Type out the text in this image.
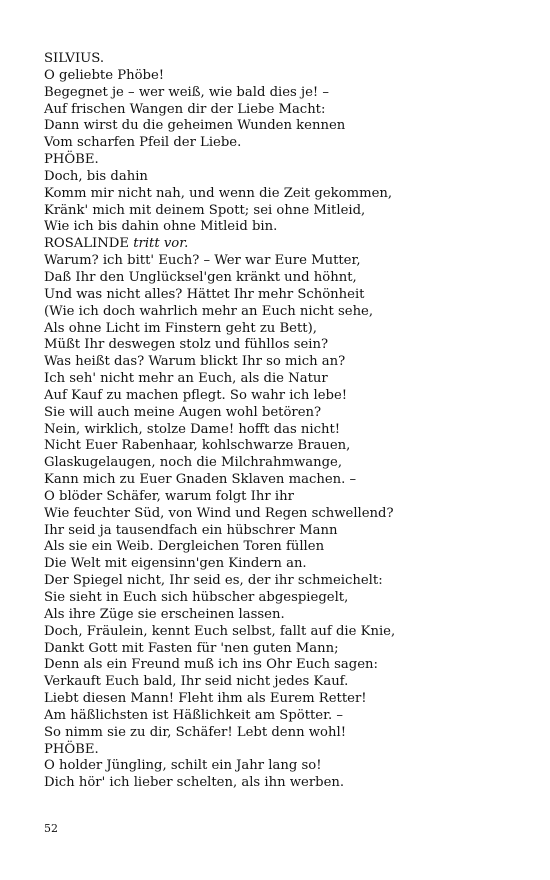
SILVIUS.
O geliebte Phöbe!
Begegnet je – wer weiß, wie bald dies je! –
Auf frischen Wangen dir der Liebe Macht:
Dann wirst du die geheimen Wunden kennen
Vom scharfen Pfeil der Liebe.
PHÖBE.
Doch, bis dahin
Komm mir nicht nah, und wenn die Zeit gekommen,
Kränk' mich mit deinem Spott; sei ohne Mitleid,
Wie ich bis dahin ohne Mitleid bin.
ROSALINDE tritt vor.
Warum? ich bitt' Euch? – Wer war Eure Mutter,
Daß Ihr den Unglücksel'gen kränkt und höhnt,
Und was nicht alles? Hättet Ihr mehr Schönheit
(Wie ich doch wahrlich mehr an Euch nicht sehe,
Als ohne Licht im Finstern geht zu Bett),
Müßt Ihr deswegen stolz und fühllos sein?
Was heißt das? Warum blickt Ihr so mich an?
Ich seh' nicht mehr an Euch, als die Natur
Auf Kauf zu machen pflegt. So wahr ich lebe!
Sie will auch meine Augen wohl betören?
Nein, wirklich, stolze Dame! hofft das nicht!
Nicht Euer Rabenhaar, kohlschwarze Brauen,
Glaskugelaugen, noch die Milchrahmwange,
Kann mich zu Euer Gnaden Sklaven machen. –
O blöder Schäfer, warum folgt Ihr ihr
Wie feuchter Süd, von Wind und Regen schwellend?
Ihr seid ja tausendfach ein hübschrer Mann
Als sie ein Weib. Dergleichen Toren füllen
Die Welt mit eigensinn'gen Kindern an.
Der Spiegel nicht, Ihr seid es, der ihr schmeichelt:
Sie sieht in Euch sich hübscher abgespiegelt,
Als ihre Züge sie erscheinen lassen.
Doch, Fräulein, kennt Euch selbst, fallt auf die Knie,
Dankt Gott mit Fasten für 'nen guten Mann;
Denn als ein Freund muß ich ins Ohr Euch sagen:
Verkauft Euch bald, Ihr seid nicht jedes Kauf.
Liebt diesen Mann! Fleht ihm als Eurem Retter!
Am häßlichsten ist Häßlichkeit am Spötter. –
So nimm sie zu dir, Schäfer! Lebt denn wohl!
PHÖBE.
O holder Jüngling, schilt ein Jahr lang so!
Dich hör' ich lieber schelten, als ihn werben.
52
